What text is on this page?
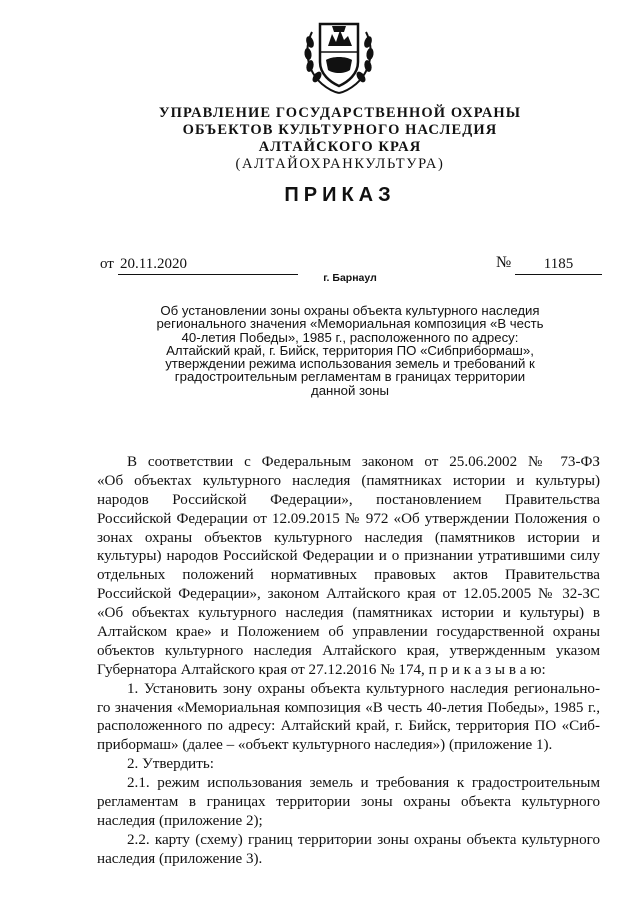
УПРАВЛЕНИЕ ГОСУДАРСТВЕННОЙ ОХРАНЫ
ОБЪЕКТОВ КУЛЬТУРНОГО НАСЛЕДИЯ
АЛТАЙСКОГО КРАЯ
(АЛТАЙОХРАНКУЛЬТУРА)
ПРИКАЗ
от 20.11.2020	№	1185
г. Барнаул
Об установлении зоны охраны объекта культурного наследия
регионального значения «Мемориальная композиция «В честь
40-летия Победы», 1985 г., расположенного по адресу:
Алтайский край, г. Бийск, территория ПО «Сибприбормаш»,
утверждении режима использования земель и требований к
градостроительным регламентам в границах территории
данной зоны
В соответствии с Федеральным законом от 25.06.2002 № 73-ФЗ
«Об объектах культурного наследия (памятниках истории и культуры)
народов Российской Федерации», постановлением Правительства
Российской Федерации от 12.09.2015 № 972 «Об утверждении Положения о
зонах охраны объектов культурного наследия (памятников истории и
культуры) народов Российской Федерации и о признании утратившими силу
отдельных положений нормативных правовых актов Правительства
Российской Федерации», законом Алтайского края от 12.05.2005 № 32-ЗС
«Об объектах культурного наследия (памятниках истории и культуры) в
Алтайском крае» и Положением об управлении государственной охраны
объектов культурного наследия Алтайского края, утвержденным указом
Губернатора Алтайского края от 27.12.2016 № 174, п р и к а з ы в а ю:
1. Установить зону охраны объекта культурного наследия регионально-
го значения «Мемориальная композиция «В честь 40-летия Победы», 1985 г.,
расположенного по адресу: Алтайский край, г. Бийск, территория ПО «Сиб-
прибормаш» (далее – «объект культурного наследия») (приложение 1).
2. Утвердить:
2.1. режим использования земель и требования к градостроительным
регламентам в границах территории зоны охраны объекта культурного
наследия (приложение 2);
2.2. карту (схему) границ территории зоны охраны объекта культурного
наследия (приложение 3).
